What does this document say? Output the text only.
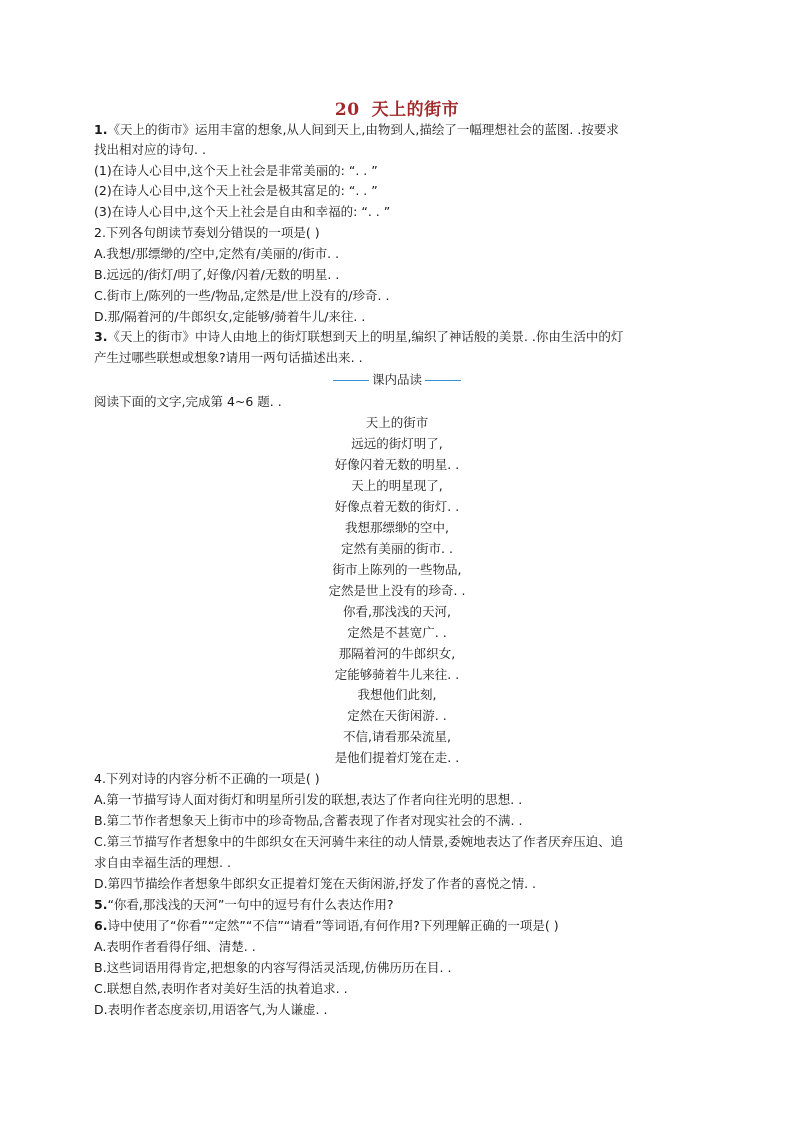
20 天上的街市
1.《天上的街市》运用丰富的想象,从人间到天上,由物到人,描绘了一幅理想社会的蓝图. .按要求
找出相对应的诗句. .
(1)在诗人心目中,这个天上社会是非常美丽的: “. . ”
(2)在诗人心目中,这个天上社会是极其富足的: “. . ”
(3)在诗人心目中,这个天上社会是自由和幸福的: “. . ”
2.下列各句朗读节奏划分错误的一项是( )
A.我想/那缥缈的/空中,定然有/美丽的/街市. .
B.远远的/街灯/明了,好像/闪着/无数的明星. .
C.街市上/陈列的一些/物品,定然是/世上没有的/珍奇. .
D.那/隔着河的/牛郎织女,定能够/骑着牛儿/来往. .
3.《天上的街市》中诗人由地上的街灯联想到天上的明星,编织了神话般的美景. .你由生活中的灯
产生过哪些联想或想象?请用一两句话描述出来. .
课内品读
阅读下面的文字,完成第 4~6 题. .
天上的街市
远远的街灯明了,
好像闪着无数的明星. .
天上的明星现了,
好像点着无数的街灯. .
我想那缥缈的空中,
定然有美丽的街市. .
街市上陈列的一些物品,
定然是世上没有的珍奇. .
你看,那浅浅的天河,
定然是不甚宽广. .
那隔着河的牛郎织女,
定能够骑着牛儿来往. .
我想他们此刻,
定然在天街闲游. .
不信,请看那朵流星,
是他们提着灯笼在走. .
4.下列对诗的内容分析不正确的一项是( )
A.第一节描写诗人面对街灯和明星所引发的联想,表达了作者向往光明的思想. .
B.第二节作者想象天上街市中的珍奇物品,含蓄表现了作者对现实社会的不满. .
C.第三节描写作者想象中的牛郎织女在天河骑牛来往的动人情景,委婉地表达了作者厌弃压迫、追
求自由幸福生活的理想. .
D.第四节描绘作者想象牛郎织女正提着灯笼在天街闲游,抒发了作者的喜悦之情. .
5.“你看,那浅浅的天河”一句中的逗号有什么表达作用?
6.诗中使用了“你看”“定然”“不信”“请看”等词语,有何作用?下列理解正确的一项是( )
A.表明作者看得仔细、清楚. .
B.这些词语用得肯定,把想象的内容写得活灵活现,仿佛历历在目. .
C.联想自然,表明作者对美好生活的执着追求. .
D.表明作者态度亲切,用语客气,为人谦虚. .
